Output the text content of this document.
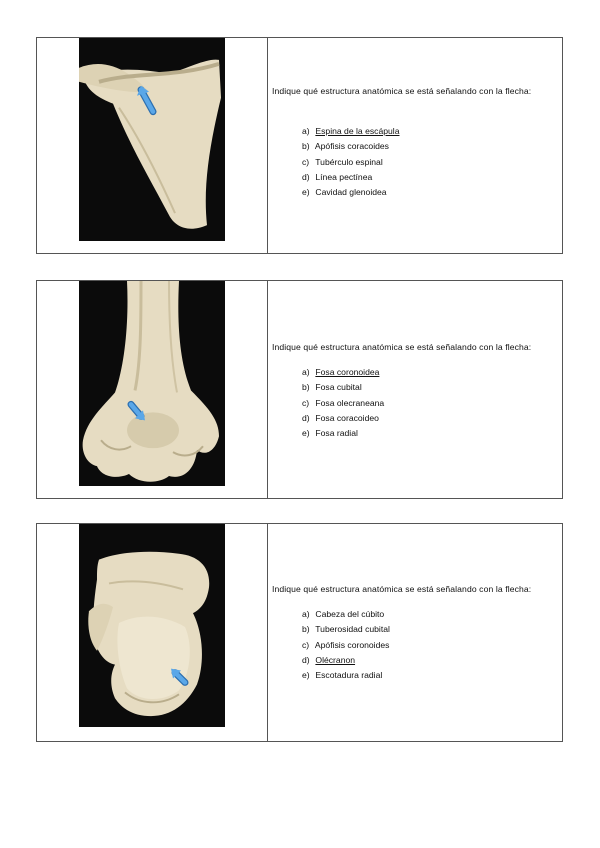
Indique qué estructura anatómica se está señalando con la flecha:
a) Espina de la escápula
b) Apófisis coracoides
c) Tubérculo espinal
d) Línea pectínea
e) Cavidad glenoidea
Indique qué estructura anatómica se está señalando con la flecha:
a) Fosa coronoidea
b) Fosa cubital
c) Fosa olecraneana
d) Fosa coracoideo
e) Fosa radial
Indique qué estructura anatómica se está señalando con la flecha:
a) Cabeza del cúbito
b) Tuberosidad cubital
c) Apófisis coronoides
d) Olécranon
e) Escotadura radial
